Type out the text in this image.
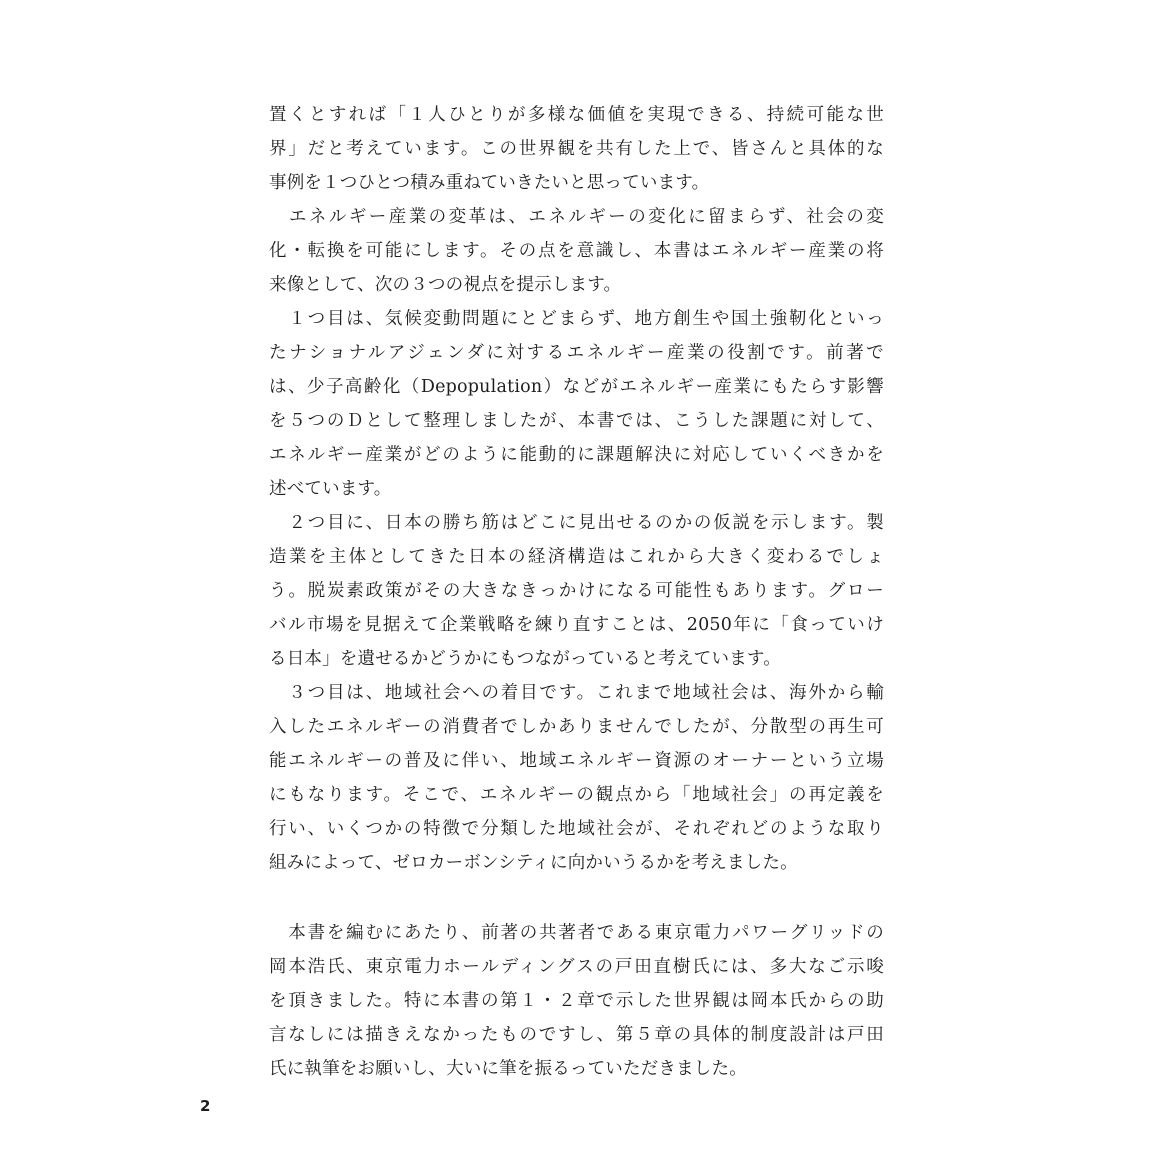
置くとすれば「１人ひとりが多様な価値を実現できる、持続可能な世
界」だと考えています。この世界観を共有した上で、皆さんと具体的な
事例を１つひとつ積み重ねていきたいと思っています。
　エネルギー産業の変革は、エネルギーの変化に留まらず、社会の変
化・転換を可能にします。その点を意識し、本書はエネルギー産業の将
来像として、次の３つの視点を提示します。
　１つ目は、気候変動問題にとどまらず、地方創生や国土強靭化といっ
たナショナルアジェンダに対するエネルギー産業の役割です。前著で
は、少子高齢化（Depopulation）などがエネルギー産業にもたらす影響
を５つのＤとして整理しましたが、本書では、こうした課題に対して、
エネルギー産業がどのように能動的に課題解決に対応していくべきかを
述べています。
　２つ目に、日本の勝ち筋はどこに見出せるのかの仮説を示します。製
造業を主体としてきた日本の経済構造はこれから大きく変わるでしょ
う。脱炭素政策がその大きなきっかけになる可能性もあります。グロー
バル市場を見据えて企業戦略を練り直すことは、2050年に「食っていけ
る日本」を遺せるかどうかにもつながっていると考えています。
　３つ目は、地域社会への着目です。これまで地域社会は、海外から輸
入したエネルギーの消費者でしかありませんでしたが、分散型の再生可
能エネルギーの普及に伴い、地域エネルギー資源のオーナーという立場
にもなります。そこで、エネルギーの観点から「地域社会」の再定義を
行い、いくつかの特徴で分類した地域社会が、それぞれどのような取り
組みによって、ゼロカーボンシティに向かいうるかを考えました。
　本書を編むにあたり、前著の共著者である東京電力パワーグリッドの
岡本浩氏、東京電力ホールディングスの戸田直樹氏には、多大なご示唆
を頂きました。特に本書の第１・２章で示した世界観は岡本氏からの助
言なしには描きえなかったものですし、第５章の具体的制度設計は戸田
氏に執筆をお願いし、大いに筆を振るっていただきました。
2
